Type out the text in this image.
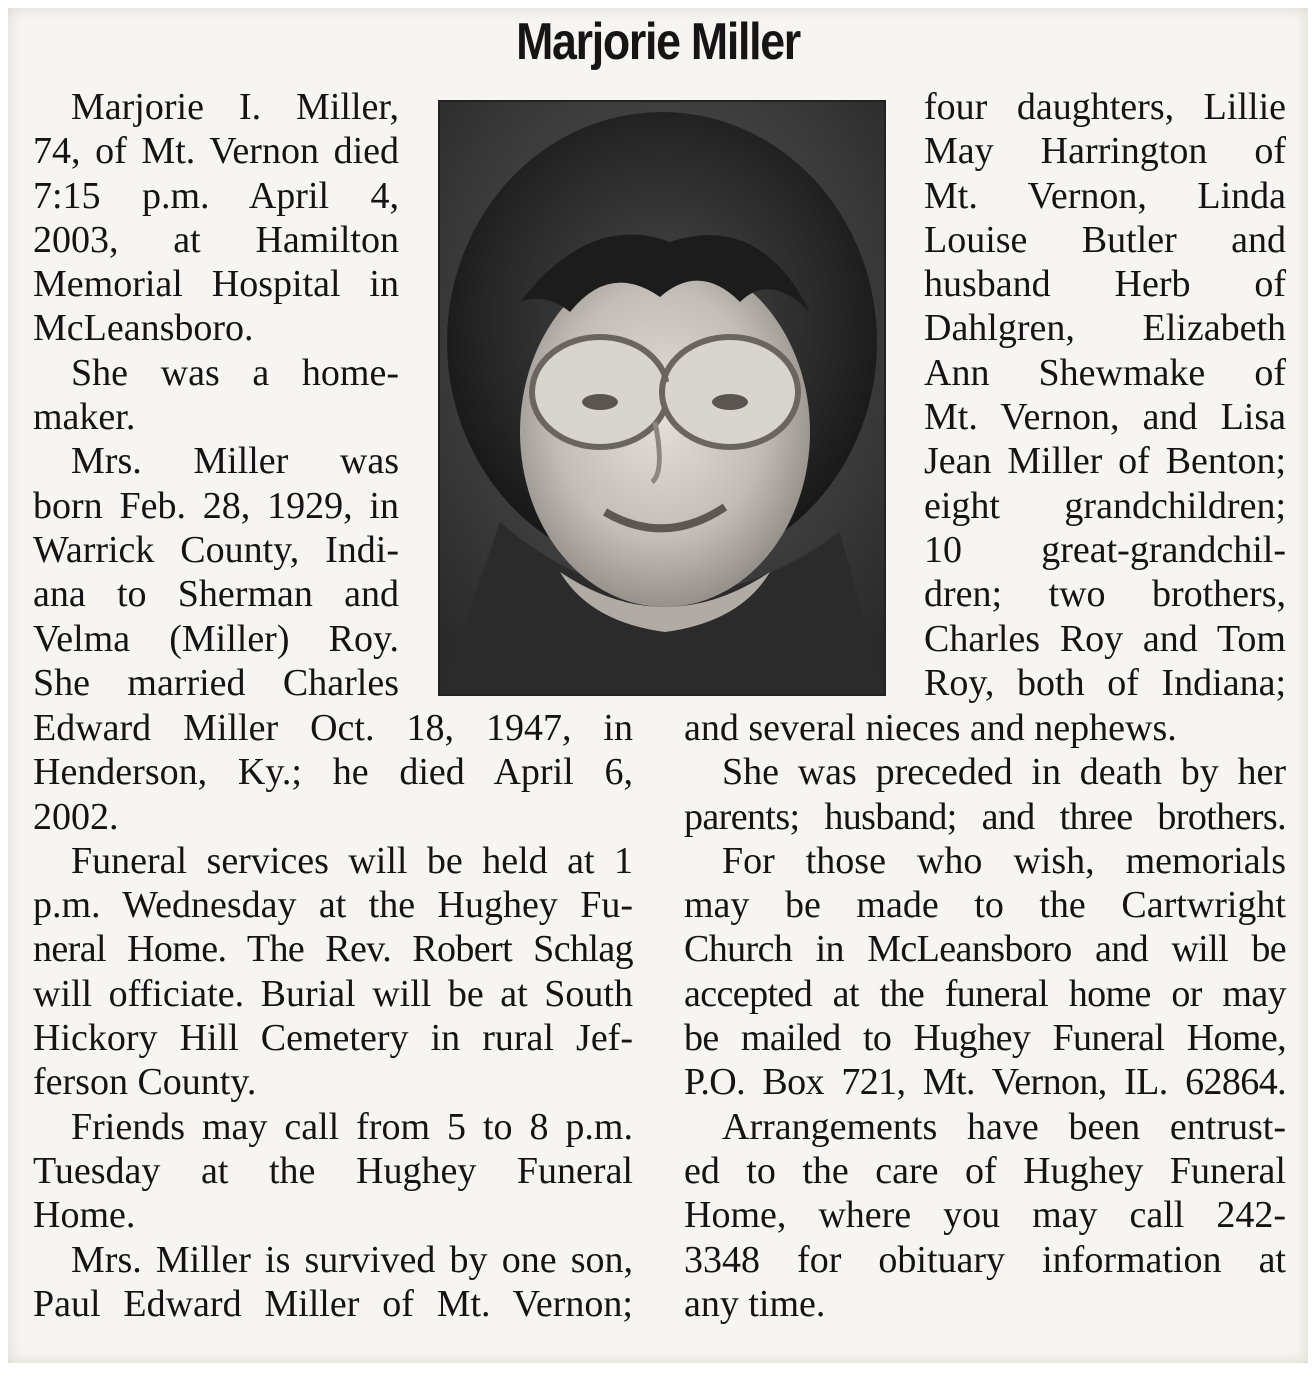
Marjorie Miller
Marjorie I. Miller,
74, of Mt. Vernon died
7:15 p.m. April 4,
2003, at Hamilton
Memorial Hospital in
McLeansboro.
She was a home-
maker.
Mrs. Miller was
born Feb. 28, 1929, in
Warrick County, Indi-
ana to Sherman and
Velma (Miller) Roy.
She married Charles
Edward Miller Oct. 18, 1947, in
Henderson, Ky.; he died April 6,
2002.
Funeral services will be held at 1
p.m. Wednesday at the Hughey Fu-
neral Home. The Rev. Robert Schlag
will officiate. Burial will be at South
Hickory Hill Cemetery in rural Jef-
ferson County.
Friends may call from 5 to 8 p.m.
Tuesday at the Hughey Funeral
Home.
Mrs. Miller is survived by one son,
Paul Edward Miller of Mt. Vernon;
four daughters, Lillie
May Harrington of
Mt. Vernon, Linda
Louise Butler and
husband Herb of
Dahlgren, Elizabeth
Ann Shewmake of
Mt. Vernon, and Lisa
Jean Miller of Benton;
eight grandchildren;
10 great-grandchil-
dren; two brothers,
Charles Roy and Tom
Roy, both of Indiana;
and several nieces and nephews.
She was preceded in death by her
parents; husband; and three brothers.
For those who wish, memorials
may be made to the Cartwright
Church in McLeansboro and will be
accepted at the funeral home or may
be mailed to Hughey Funeral Home,
P.O. Box 721, Mt. Vernon, IL. 62864.
Arrangements have been entrust-
ed to the care of Hughey Funeral
Home, where you may call 242-
3348 for obituary information at
any time.
